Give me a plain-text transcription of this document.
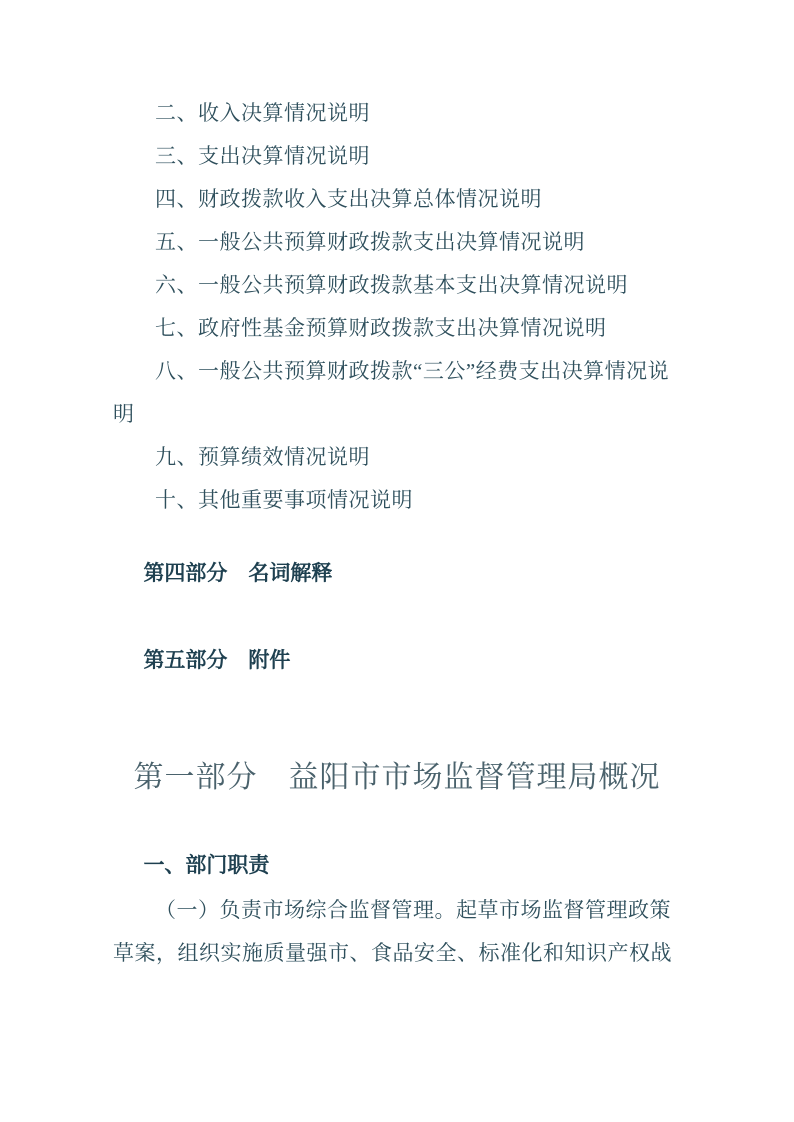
二、收入决算情况说明

三、支出决算情况说明

四、财政拨款收入支出决算总体情况说明

五、一般公共预算财政拨款支出决算情况说明

六、一般公共预算财政拨款基本支出决算情况说明

七、政府性基金预算财政拨款支出决算情况说明

八、一般公共预算财政拨款“三公”经费支出决算情况说

明

九、预算绩效情况说明

十、其他重要事项情况说明

第四部分　名词解释
第五部分　附件
第一部分　益阳市市场监督管理局概况
一、部门职责

（一）负责市场综合监督管理。起草市场监督管理政策

草案，组织实施质量强市、食品安全、标准化和知识产权战
